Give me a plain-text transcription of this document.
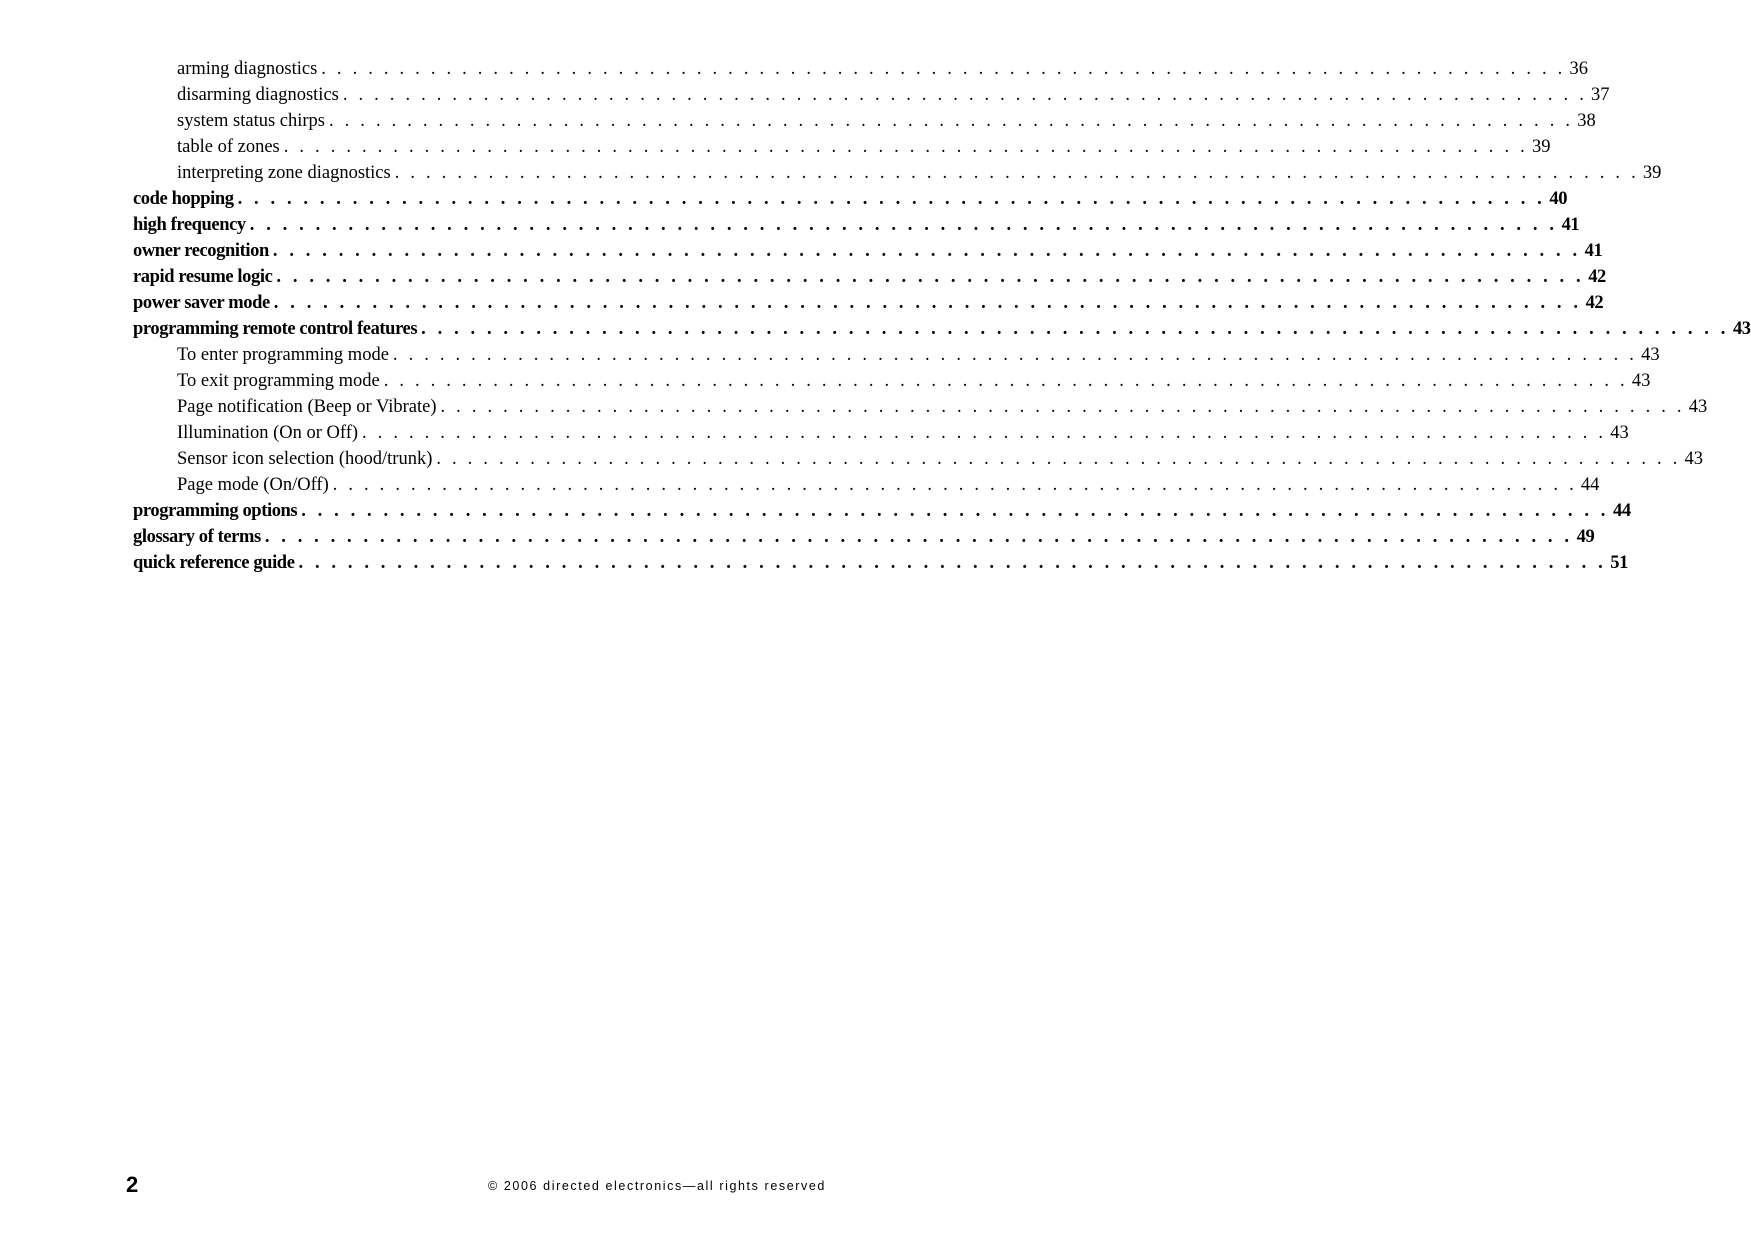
arming diagnostics . . . . . . . . . . . . . . . . . . . . . . . . . . . . . . . . . . . . . . . . . . . . . . . . . . . . . . . . . . . . . . . . . . . . . . . . . . . . . . . . 36
disarming diagnostics . . . . . . . . . . . . . . . . . . . . . . . . . . . . . . . . . . . . . . . . . . . . . . . . . . . . . . . . . . . . . . . . . . . . . . . . . . . . . . . . 37
system status chirps . . . . . . . . . . . . . . . . . . . . . . . . . . . . . . . . . . . . . . . . . . . . . . . . . . . . . . . . . . . . . . . . . . . . . . . . . . . . . . . . 38
table of zones . . . . . . . . . . . . . . . . . . . . . . . . . . . . . . . . . . . . . . . . . . . . . . . . . . . . . . . . . . . . . . . . . . . . . . . . . . . . . . . . 39
interpreting zone diagnostics . . . . . . . . . . . . . . . . . . . . . . . . . . . . . . . . . . . . . . . . . . . . . . . . . . . . . . . . . . . . . . . . . . . . . . . . . . . . . . . . 39
code hopping . . . . . . . . . . . . . . . . . . . . . . . . . . . . . . . . . . . . . . . . . . . . . . . . . . . . . . . . . . . . . . . . . . . . . . . . . . . . . . . . 40
high frequency . . . . . . . . . . . . . . . . . . . . . . . . . . . . . . . . . . . . . . . . . . . . . . . . . . . . . . . . . . . . . . . . . . . . . . . . . . . . . . . . 41
owner recognition . . . . . . . . . . . . . . . . . . . . . . . . . . . . . . . . . . . . . . . . . . . . . . . . . . . . . . . . . . . . . . . . . . . . . . . . . . . . . . . . 41
rapid resume logic . . . . . . . . . . . . . . . . . . . . . . . . . . . . . . . . . . . . . . . . . . . . . . . . . . . . . . . . . . . . . . . . . . . . . . . . . . . . . . . . 42
power saver mode . . . . . . . . . . . . . . . . . . . . . . . . . . . . . . . . . . . . . . . . . . . . . . . . . . . . . . . . . . . . . . . . . . . . . . . . . . . . . . . . 42
programming remote control features . . . . . . . . . . . . . . . . . . . . . . . . . . . . . . . . . . . . . . . . . . . . . . . . . . . . . . . . . . . . . . . . . . . . . . . . . . . . . . . . 43
To enter programming mode . . . . . . . . . . . . . . . . . . . . . . . . . . . . . . . . . . . . . . . . . . . . . . . . . . . . . . . . . . . . . . . . . . . . . . . . . . . . . . . . 43
To exit programming mode . . . . . . . . . . . . . . . . . . . . . . . . . . . . . . . . . . . . . . . . . . . . . . . . . . . . . . . . . . . . . . . . . . . . . . . . . . . . . . . . 43
Page notification (Beep or Vibrate) . . . . . . . . . . . . . . . . . . . . . . . . . . . . . . . . . . . . . . . . . . . . . . . . . . . . . . . . . . . . . . . . . . . . . . . . . . . . . . . . 43
Illumination (On or Off) . . . . . . . . . . . . . . . . . . . . . . . . . . . . . . . . . . . . . . . . . . . . . . . . . . . . . . . . . . . . . . . . . . . . . . . . . . . . . . . . 43
Sensor icon selection (hood/trunk) . . . . . . . . . . . . . . . . . . . . . . . . . . . . . . . . . . . . . . . . . . . . . . . . . . . . . . . . . . . . . . . . . . . . . . . . . . . . . . . . 43
Page mode (On/Off) . . . . . . . . . . . . . . . . . . . . . . . . . . . . . . . . . . . . . . . . . . . . . . . . . . . . . . . . . . . . . . . . . . . . . . . . . . . . . . . . 44
programming options . . . . . . . . . . . . . . . . . . . . . . . . . . . . . . . . . . . . . . . . . . . . . . . . . . . . . . . . . . . . . . . . . . . . . . . . . . . . . . . . 44
glossary of terms . . . . . . . . . . . . . . . . . . . . . . . . . . . . . . . . . . . . . . . . . . . . . . . . . . . . . . . . . . . . . . . . . . . . . . . . . . . . . . . . 49
quick reference guide . . . . . . . . . . . . . . . . . . . . . . . . . . . . . . . . . . . . . . . . . . . . . . . . . . . . . . . . . . . . . . . . . . . . . . . . . . . . . . . . 51
2	© 2006 directed electronics—all rights reserved
